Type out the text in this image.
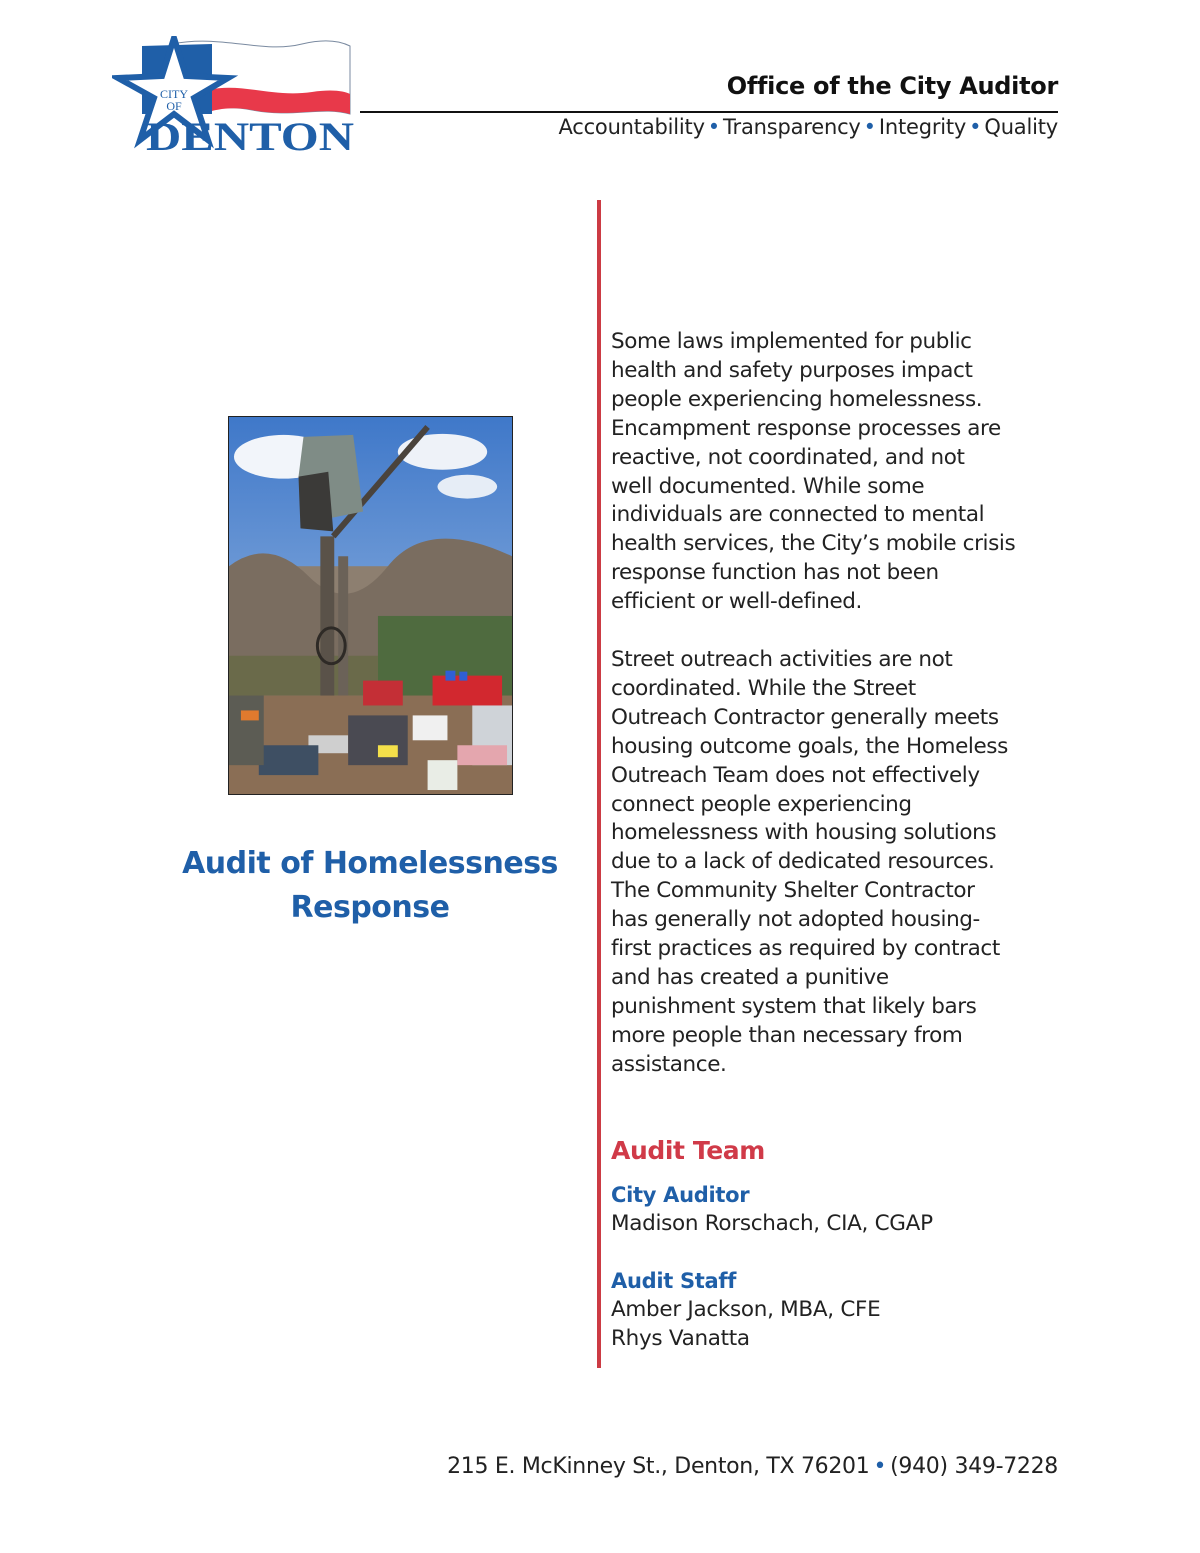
CITY
OF
DENTON
Office of the City Auditor
Accountability • Transparency • Integrity • Quality
Audit of Homelessness
Response
Some laws implemented for public
health and safety purposes impact
people experiencing homelessness.
Encampment response processes are
reactive, not coordinated, and not
well documented. While some
individuals are connected to mental
health services, the City’s mobile crisis
response function has not been
efficient or well-defined.
Street outreach activities are not
coordinated. While the Street
Outreach Contractor generally meets
housing outcome goals, the Homeless
Outreach Team does not effectively
connect people experiencing
homelessness with housing solutions
due to a lack of dedicated resources.
The Community Shelter Contractor
has generally not adopted housing-
first practices as required by contract
and has created a punitive
punishment system that likely bars
more people than necessary from
assistance.
Audit Team
City Auditor
Madison Rorschach, CIA, CGAP
Audit Staff
Amber Jackson, MBA, CFE
Rhys Vanatta
215 E. McKinney St., Denton, TX 76201 • (940) 349-7228
